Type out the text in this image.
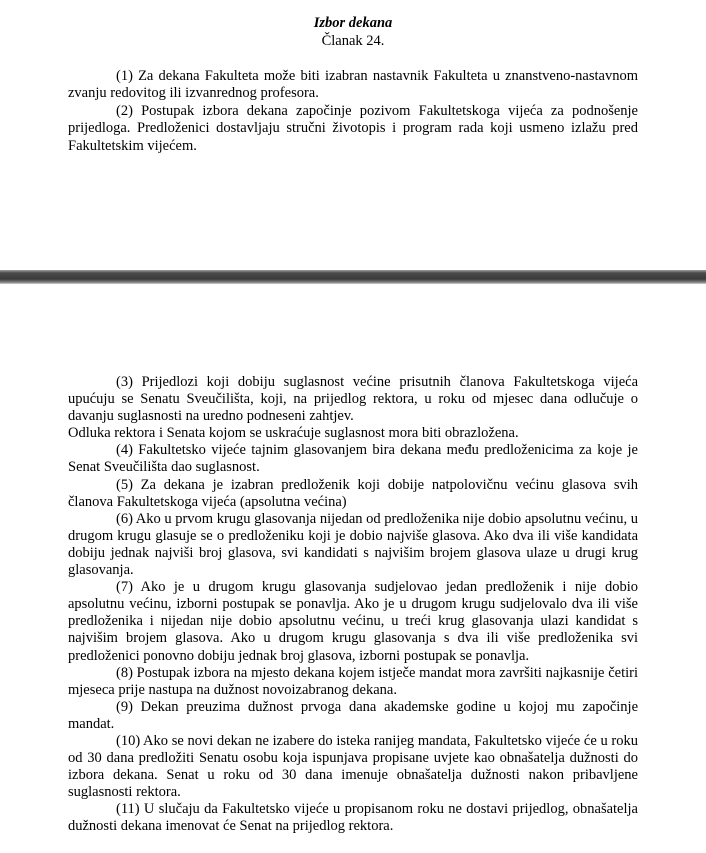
Izbor dekana
Članak 24.

(1) Za dekana Fakulteta može biti izabran nastavnik Fakulteta u znanstveno-nastavnom zvanju redovitog ili izvanrednog profesora.

(2) Postupak izbora dekana započinje pozivom Fakultetskoga vijeća za podnošenje prijedloga. Predloženici dostavljaju stručni životopis i program rada koji usmeno izlažu pred Fakultetskim vijećem.

(3) Prijedlozi koji dobiju suglasnost većine prisutnih članova Fakultetskoga vijeća upućuju se Senatu Sveučilišta, koji, na prijedlog rektora, u roku od mjesec dana odlučuje o davanju suglasnosti na uredno podneseni zahtjev.

Odluka rektora i Senata kojom se uskraćuje suglasnost mora biti obrazložena.

(4) Fakultetsko vijeće tajnim glasovanjem bira dekana među predloženicima za koje je Senat Sveučilišta dao suglasnost.

(5) Za dekana je izabran predloženik koji dobije natpolovičnu većinu glasova svih članova Fakultetskoga vijeća (apsolutna većina)

(6) Ako u prvom krugu glasovanja nijedan od predloženika nije dobio apsolutnu većinu, u drugom krugu glasuje se o predloženiku koji je dobio najviše glasova. Ako dva ili više kandidata dobiju jednak najviši broj glasova, svi kandidati s najvišim brojem glasova ulaze u drugi krug glasovanja.

(7) Ako je u drugom krugu glasovanja sudjelovao jedan predloženik i nije dobio apsolutnu većinu, izborni postupak se ponavlja. Ako je u drugom krugu sudjelovalo dva ili više predloženika i nijedan nije dobio apsolutnu većinu, u treći krug glasovanja ulazi kandidat s najvišim brojem glasova. Ako u drugom krugu glasovanja s dva ili više predloženika svi predloženici ponovno dobiju jednak broj glasova, izborni postupak se ponavlja.

(8) Postupak izbora na mjesto dekana kojem istječe mandat mora završiti najkasnije četiri mjeseca prije nastupa na dužnost novoizabranog dekana.

(9) Dekan preuzima dužnost prvoga dana akademske godine u kojoj mu započinje mandat.

(10) Ako se novi dekan ne izabere do isteka ranijeg mandata, Fakultetsko vijeće će u roku od 30 dana predložiti Senatu osobu koja ispunjava propisane uvjete kao obnašatelja dužnosti do izbora dekana. Senat u roku od 30 dana imenuje obnašatelja dužnosti nakon pribavljene suglasnosti rektora.

(11) U slučaju da Fakultetsko vijeće u propisanom roku ne dostavi prijedlog, obnašatelja dužnosti dekana imenovat će Senat na prijedlog rektora.
